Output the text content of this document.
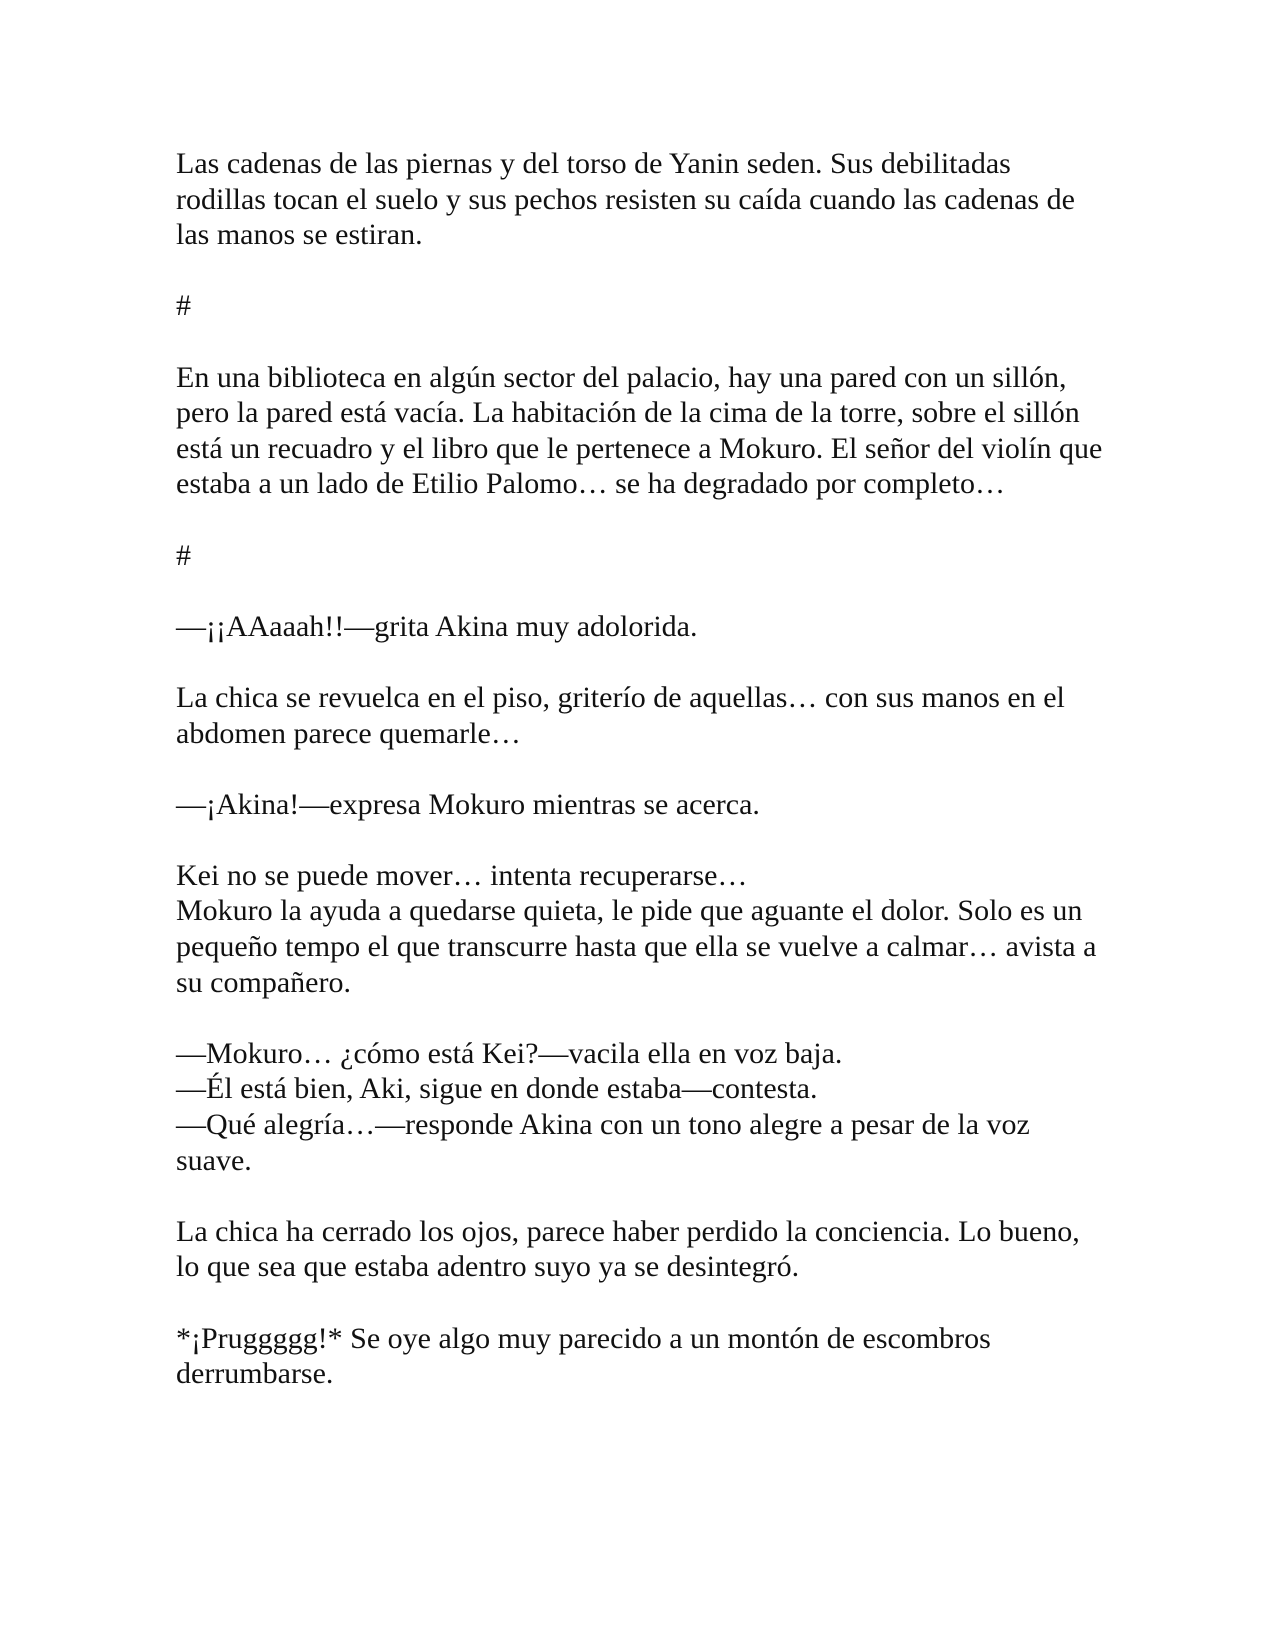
Las cadenas de las piernas y del torso de Yanin seden. Sus debilitadas rodillas tocan el suelo y sus pechos resisten su caída cuando las cadenas de las manos se estiran.

#

En una biblioteca en algún sector del palacio, hay una pared con un sillón, pero la pared está vacía. La habitación de la cima de la torre, sobre el sillón está un recuadro y el libro que le pertenece a Mokuro. El señor del violín que estaba a un lado de Etilio Palomo… se ha degradado por completo…

#

—¡¡AAaaah!!—grita Akina muy adolorida.

La chica se revuelca en el piso, griterío de aquellas… con sus manos en el abdomen parece quemarle…

—¡Akina!—expresa Mokuro mientras se acerca.

Kei no se puede mover… intenta recuperarse…

Mokuro la ayuda a quedarse quieta, le pide que aguante el dolor. Solo es un pequeño tempo el que transcurre hasta que ella se vuelve a calmar… avista a su compañero.

—Mokuro… ¿cómo está Kei?—vacila ella en voz baja.

—Él está bien, Aki, sigue en donde estaba—contesta.

—Qué alegría…—responde Akina con un tono alegre a pesar de la voz suave.

La chica ha cerrado los ojos, parece haber perdido la conciencia. Lo bueno, lo que sea que estaba adentro suyo ya se desintegró.

*¡Pruggggg!* Se oye algo muy parecido a un montón de escombros derrumbarse.
